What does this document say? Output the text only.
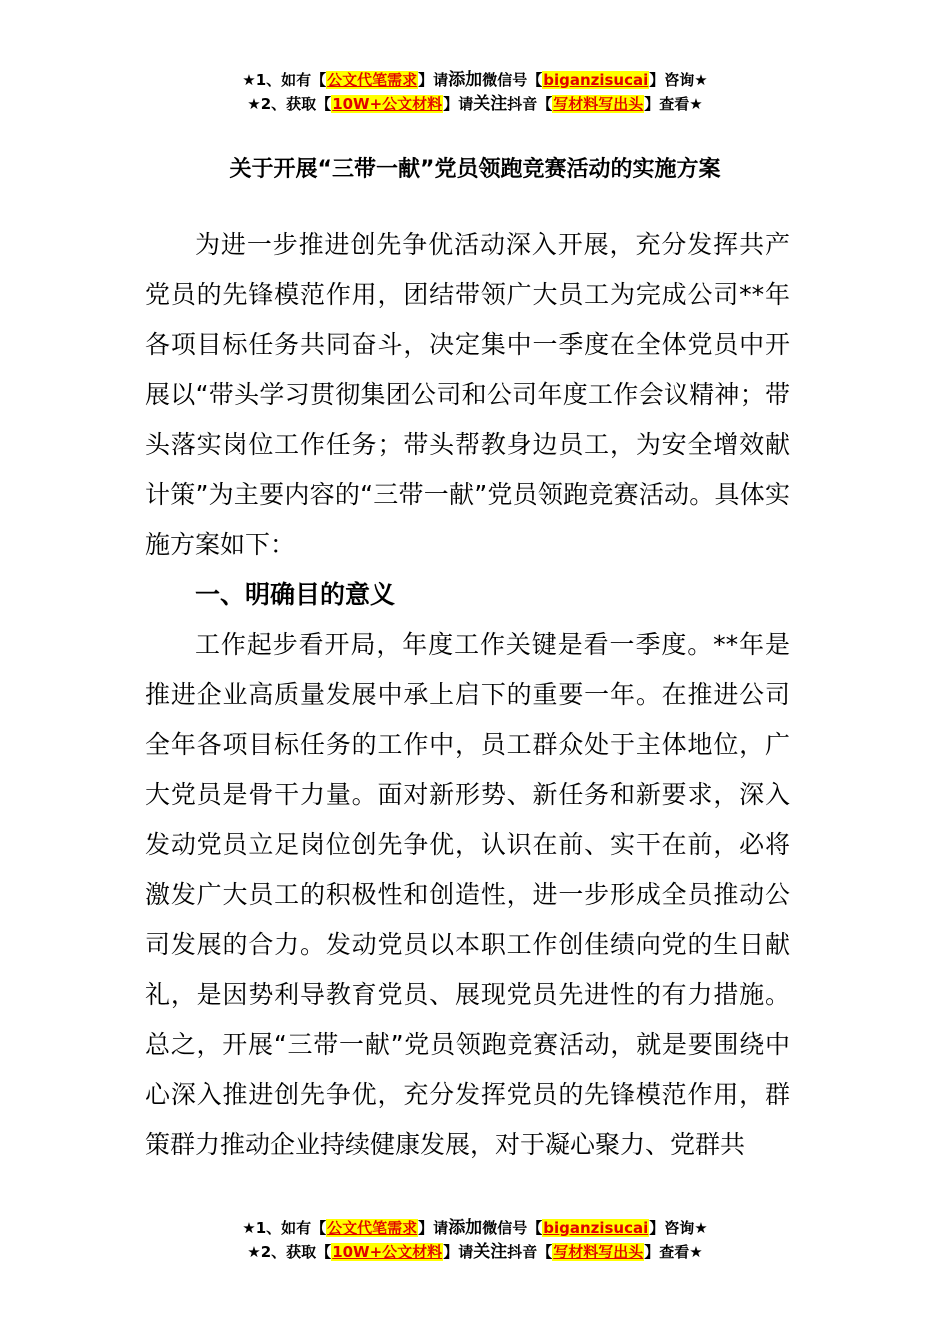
★1、如有【公文代笔需求】请添加微信号【biganzisucai】咨询★
★2、获取【10W+公文材料】请关注抖音【写材料写出头】查看★
关于开展“三带一献”党员领跑竞赛活动的实施方案

为进一步推进创先争优活动深入开展，充分发挥共产党员的先锋模范作用，团结带领广大员工为完成公司**年各项目标任务共同奋斗，决定集中一季度在全体党员中开展以“带头学习贯彻集团公司和公司年度工作会议精神；带头落实岗位工作任务；带头帮教身边员工，为安全增效献计策”为主要内容的“三带一献”党员领跑竞赛活动。具体实施方案如下：

一、明确目的意义

工作起步看开局，年度工作关键是看一季度。**年是推进企业高质量发展中承上启下的重要一年。在推进公司全年各项目标任务的工作中，员工群众处于主体地位，广大党员是骨干力量。面对新形势、新任务和新要求，深入发动党员立足岗位创先争优，认识在前、实干在前，必将激发广大员工的积极性和创造性，进一步形成全员推动公司发展的合力。发动党员以本职工作创佳绩向党的生日献礼，是因势利导教育党员、展现党员先进性的有力措施。总之，开展“三带一献”党员领跑竞赛活动，就是要围绕中心深入推进创先争优，充分发挥党员的先锋模范作用，群策群力推动企业持续健康发展，对于凝心聚力、党群共

★1、如有【公文代笔需求】请添加微信号【biganzisucai】咨询★
★2、获取【10W+公文材料】请关注抖音【写材料写出头】查看★
